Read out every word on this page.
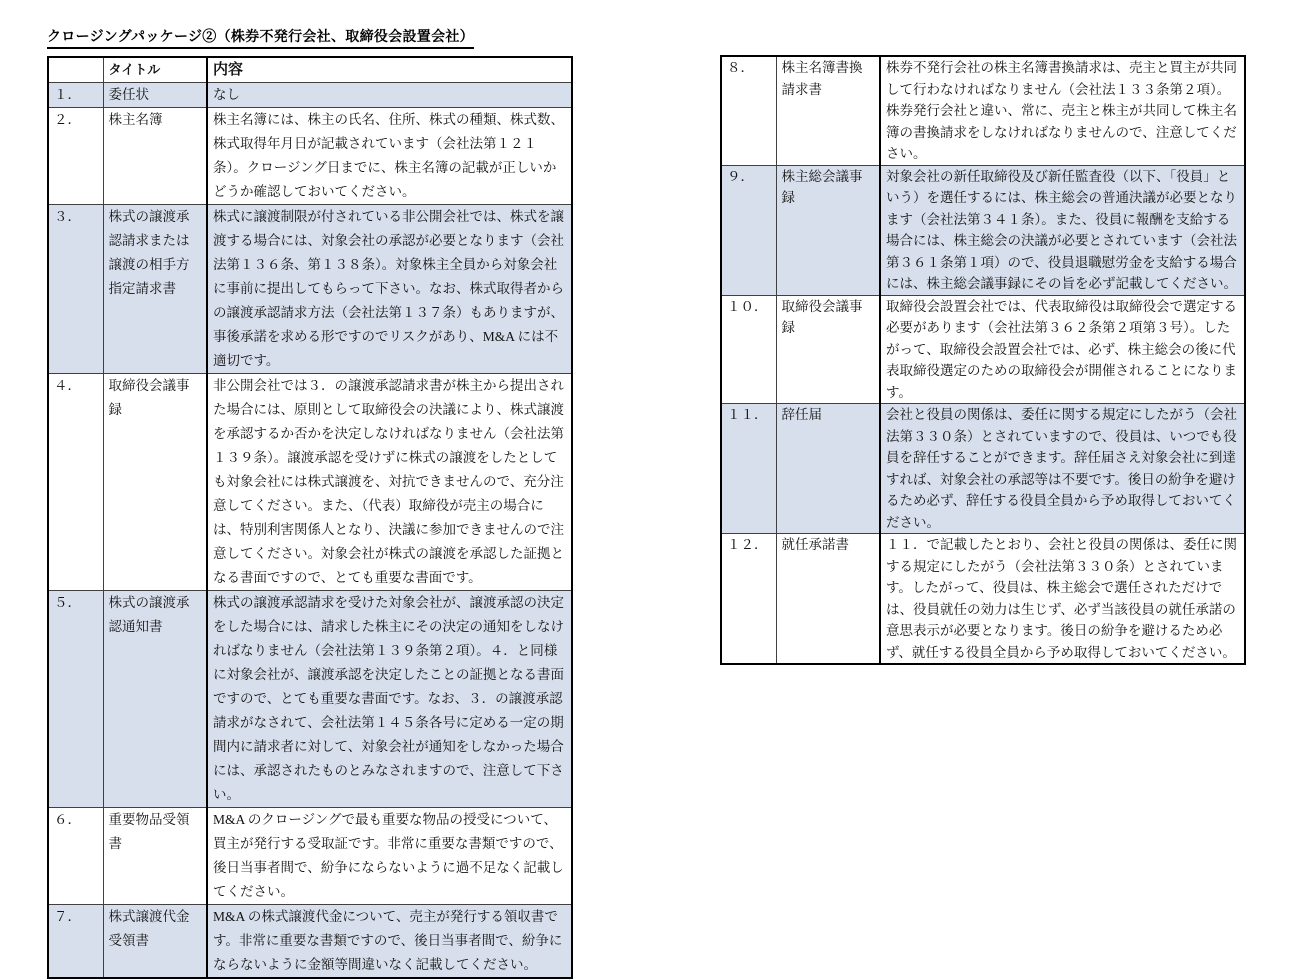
クロージングパッケージ②（株券不発行会社、取締役会設置会社）
	タイトル	内容
１．	委任状	なし
２．	株主名簿	株主名簿には、株主の氏名、住所、株式の種類、株式数、株式取得年月日が記載されています（会社法第１２１条）。クロージング日までに、株主名簿の記載が正しいかどうか確認しておいてください。
３．	株式の譲渡承認請求または譲渡の相手方指定請求書	株式に譲渡制限が付されている非公開会社では、株式を譲渡する場合には、対象会社の承認が必要となります（会社法第１３６条、第１３８条）。対象株主全員から対象会社に事前に提出してもらって下さい。なお、株式取得者からの譲渡承認請求方法（会社法第１３７条）もありますが、事後承諾を求める形ですのでリスクがあり、M&A には不適切です。
４．	取締役会議事録	非公開会社では３．の譲渡承認請求書が株主から提出された場合には、原則として取締役会の決議により、株式譲渡を承認するか否かを決定しなければなりません（会社法第１３９条）。譲渡承認を受けずに株式の譲渡をしたとしても対象会社には株式譲渡を、対抗できませんので、充分注意してください。また、（代表）取締役が売主の場合には、特別利害関係人となり、決議に参加できませんので注意してください。対象会社が株式の譲渡を承認した証拠となる書面ですので、とても重要な書面です。
５．	株式の譲渡承認通知書	株式の譲渡承認請求を受けた対象会社が、譲渡承認の決定をした場合には、請求した株主にその決定の通知をしなければなりません（会社法第１３９条第２項）。４．と同様に対象会社が、譲渡承認を決定したことの証拠となる書面ですので、とても重要な書面です。なお、３．の譲渡承認請求がなされて、会社法第１４５条各号に定める一定の期間内に請求者に対して、対象会社が通知をしなかった場合には、承認されたものとみなされますので、注意して下さい。
６．	重要物品受領書	M&A のクロージングで最も重要な物品の授受について、買主が発行する受取証です。非常に重要な書類ですので、後日当事者間で、紛争にならないように過不足なく記載してください。
７．	株式譲渡代金受領書	M&A の株式譲渡代金について、売主が発行する領収書です。非常に重要な書類ですので、後日当事者間で、紛争にならないように金額等間違いなく記載してください。
８．	株主名簿書換請求書	株券不発行会社の株主名簿書換請求は、売主と買主が共同して行わなければなりません（会社法１３３条第２項）。株券発行会社と違い、常に、売主と株主が共同して株主名簿の書換請求をしなければなりませんので、注意してください。
９．	株主総会議事録	対象会社の新任取締役及び新任監査役（以下、「役員」という）を選任するには、株主総会の普通決議が必要となります（会社法第３４１条）。また、役員に報酬を支給する場合には、株主総会の決議が必要とされています（会社法第３６１条第１項）ので、役員退職慰労金を支給する場合には、株主総会議事録にその旨を必ず記載してください。
１０．	取締役会議事録	取締役会設置会社では、代表取締役は取締役会で選定する必要があります（会社法第３６２条第２項第３号）。したがって、取締役会設置会社では、必ず、株主総会の後に代表取締役選定のための取締役会が開催されることになります。
１１．	辞任届	会社と役員の関係は、委任に関する規定にしたがう（会社法第３３０条）とされていますので、役員は、いつでも役員を辞任することができます。辞任届さえ対象会社に到達すれば、対象会社の承認等は不要です。後日の紛争を避けるため必ず、辞任する役員全員から予め取得しておいてください。
１２．	就任承諾書	１１．で記載したとおり、会社と役員の関係は、委任に関する規定にしたがう（会社法第３３０条）とされています。したがって、役員は、株主総会で選任されただけでは、役員就任の効力は生じず、必ず当該役員の就任承諾の意思表示が必要となります。後日の紛争を避けるため必ず、就任する役員全員から予め取得しておいてください。
